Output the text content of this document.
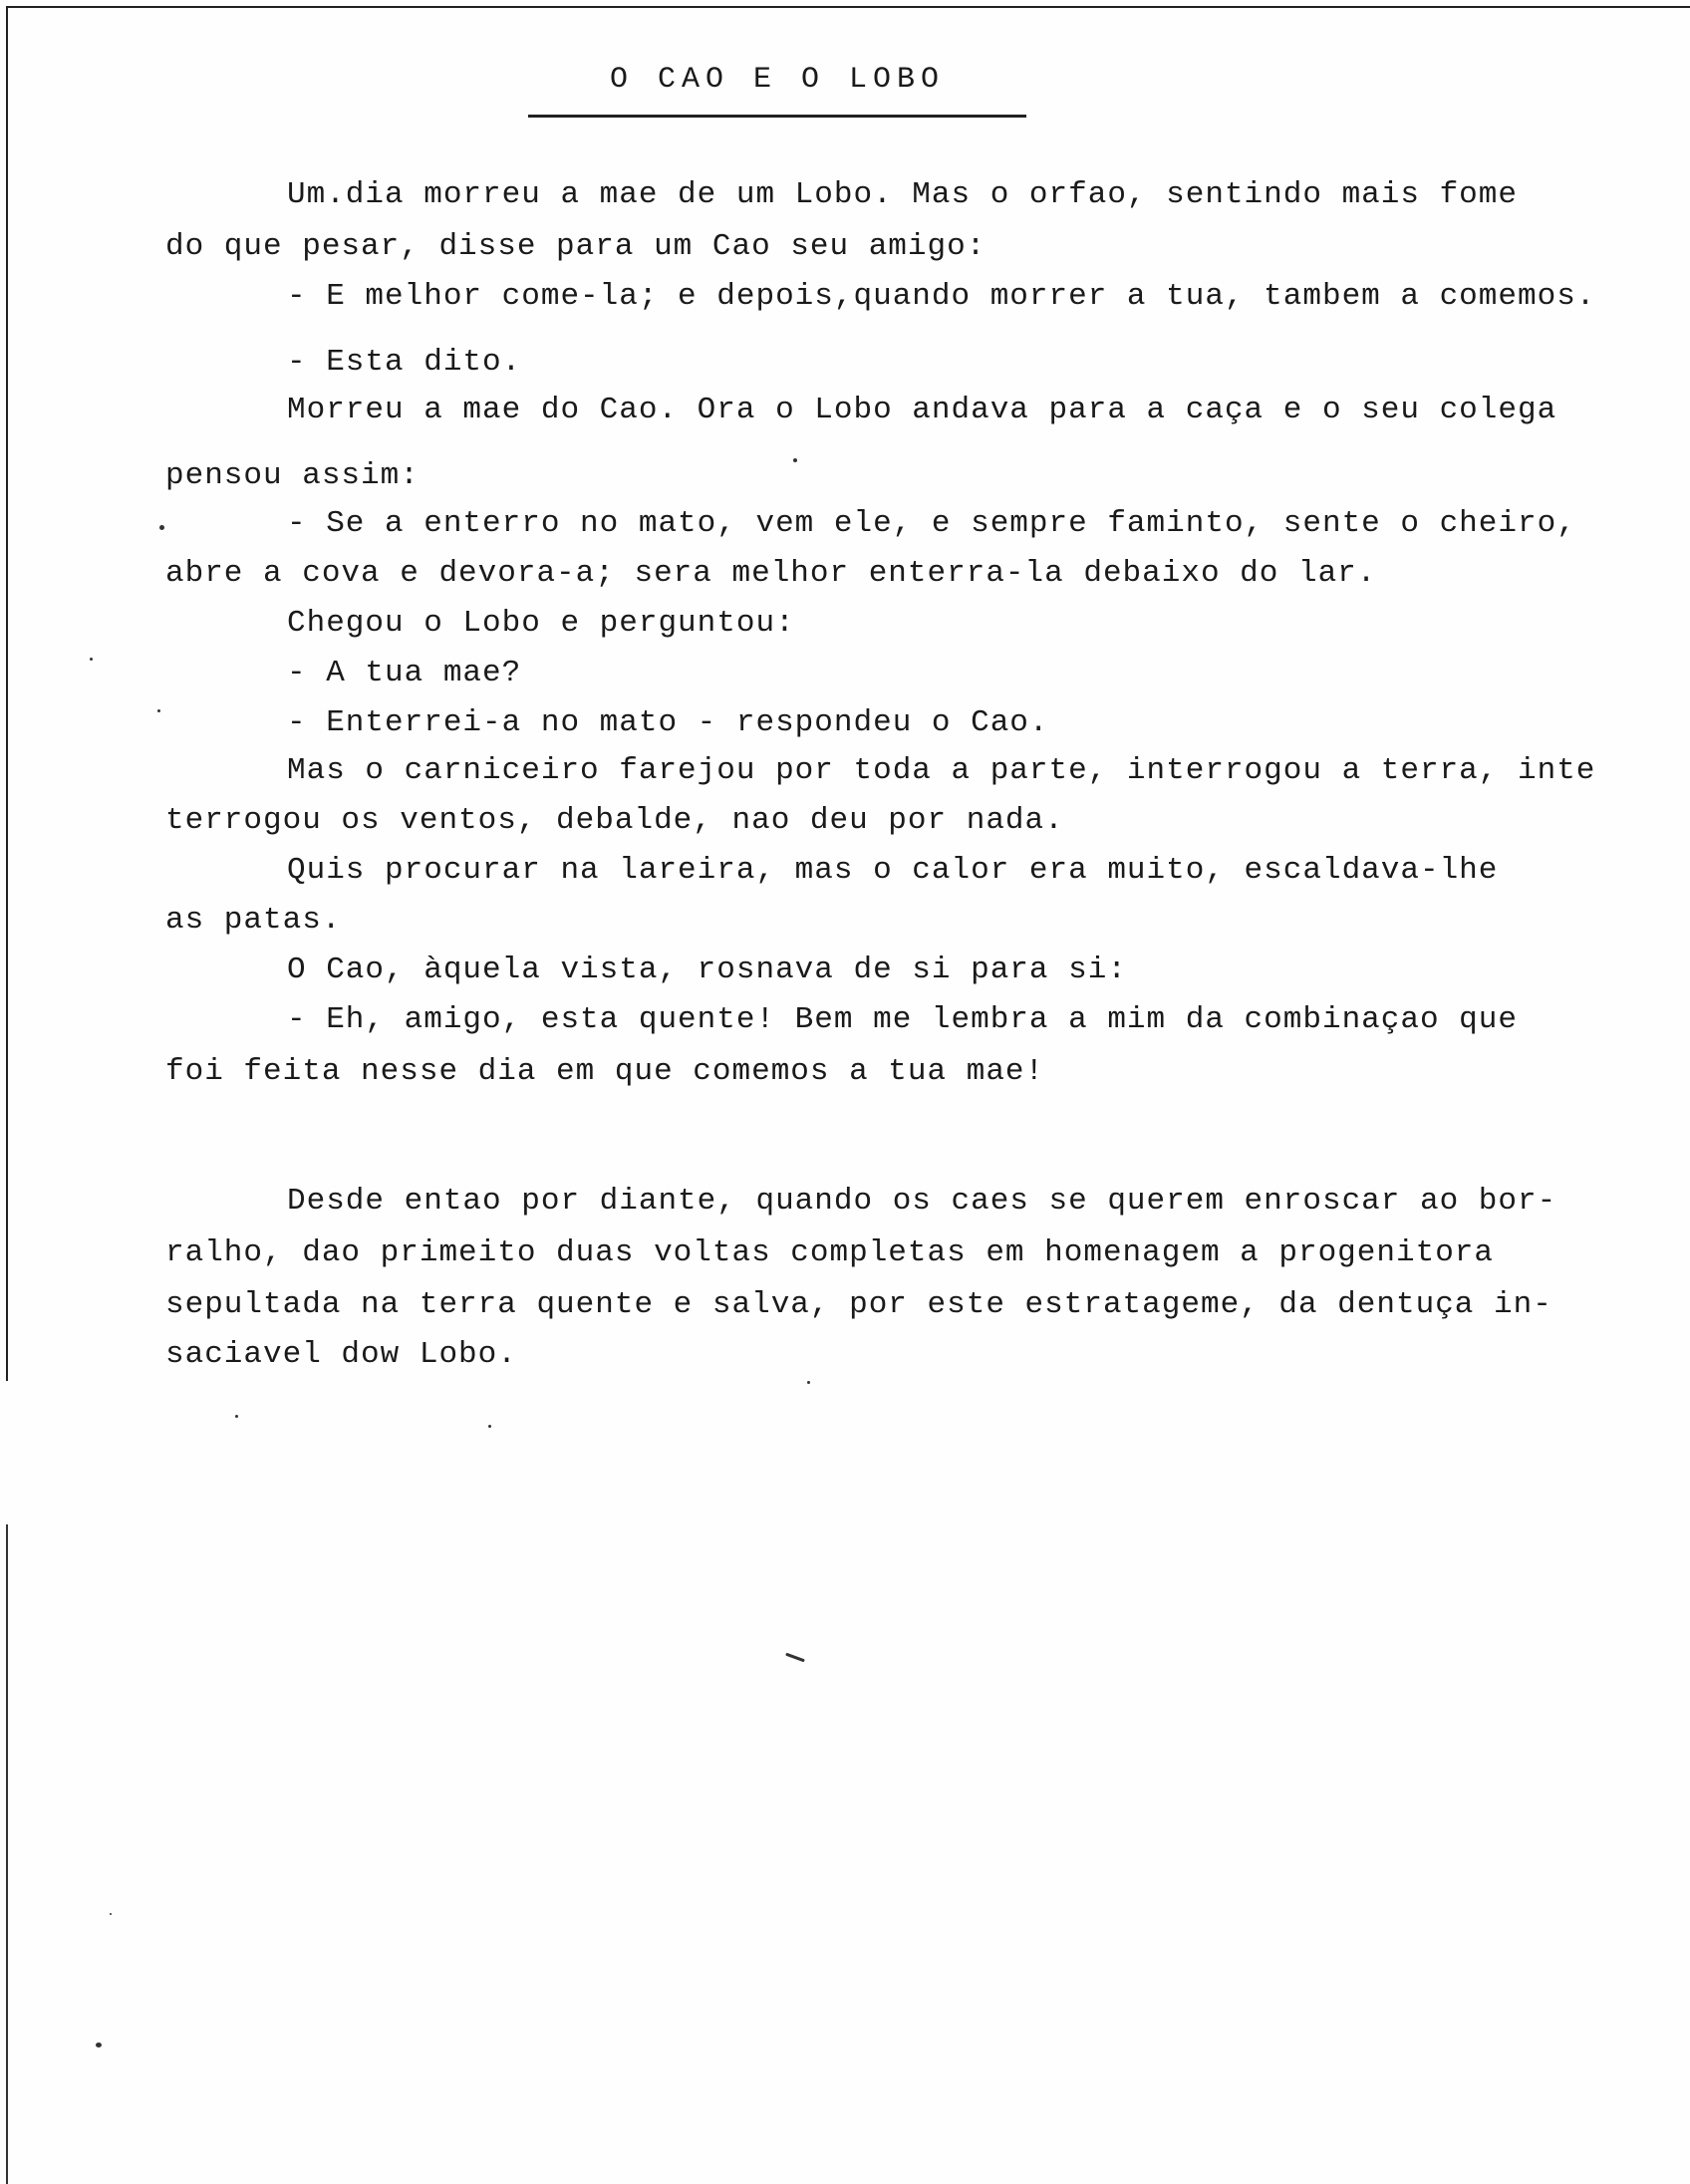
O CAO E O LOBO
Um.dia morreu a mae de um Lobo. Mas o orfao, sentindo mais fome
do que pesar, disse para um Cao seu amigo:
- E melhor come-la; e depois,quando morrer a tua, tambem a comemos.
- Esta dito.
Morreu a mae do Cao. Ora o Lobo andava para a caça e o seu colega
pensou assim:
- Se a enterro no mato, vem ele, e sempre faminto, sente o cheiro,
abre a cova e devora-a; sera melhor enterra-la debaixo do lar.
Chegou o Lobo e perguntou:
- A tua mae?
- Enterrei-a no mato - respondeu o Cao.
Mas o carniceiro farejou por toda a parte, interrogou a terra, inte
terrogou os ventos, debalde, nao deu por nada.
Quis procurar na lareira, mas o calor era muito, escaldava-lhe
as patas.
O Cao, àquela vista, rosnava de si para si:
- Eh, amigo, esta quente! Bem me lembra a mim da combinaçao que
foi feita nesse dia em que comemos a tua mae!
Desde entao por diante, quando os caes se querem enroscar ao bor-
ralho, dao primeito duas voltas completas em homenagem a progenitora
sepultada na terra quente e salva, por este estratageme, da dentuça in-
saciavel dow Lobo.
